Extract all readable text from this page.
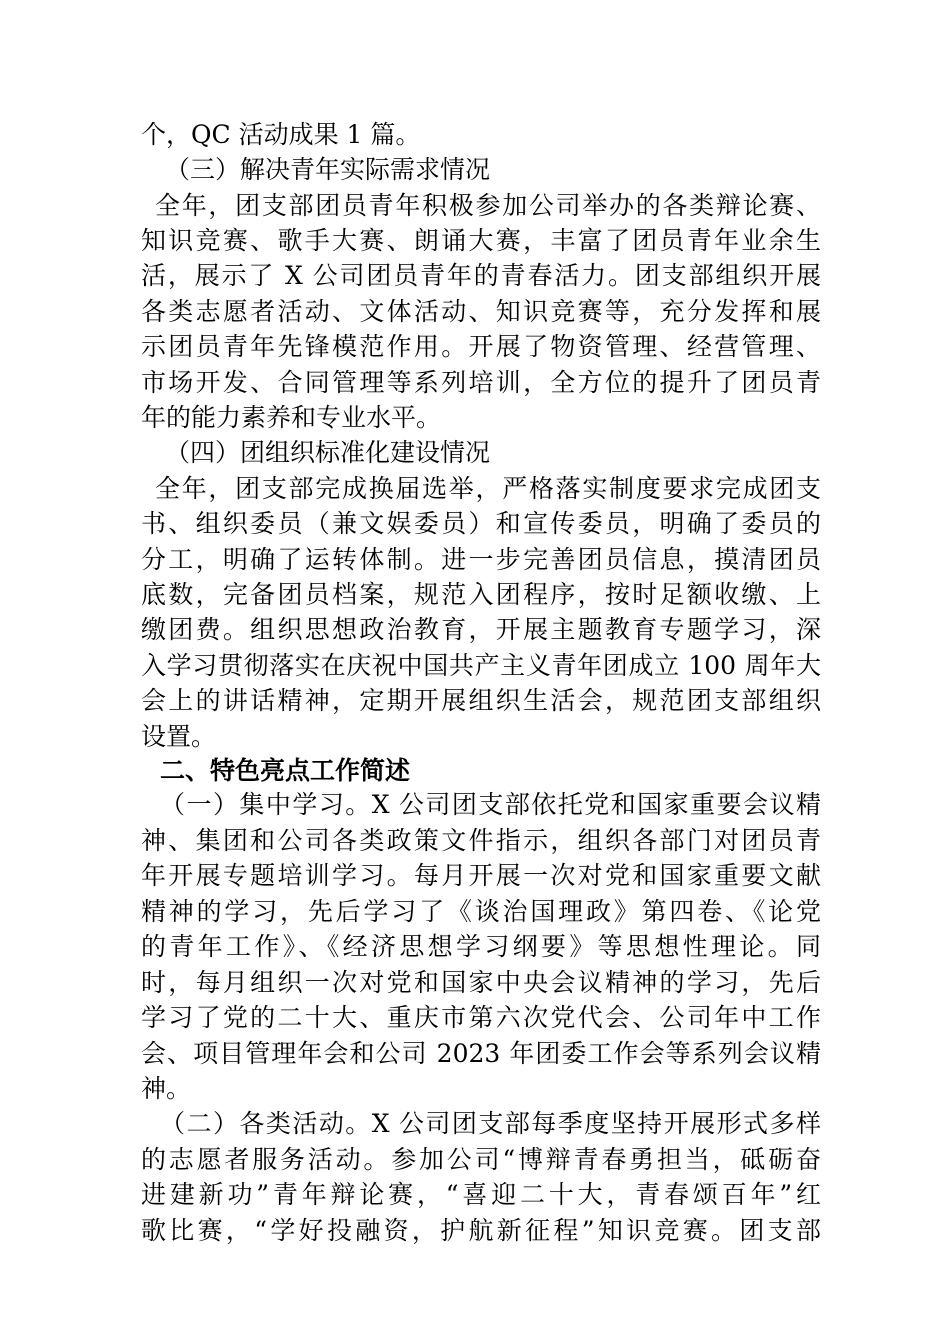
个，QC 活动成果 1 篇。
（三）解决青年实际需求情况
全年，团支部团员青年积极参加公司举办的各类辩论赛、
知识竞赛、歌手大赛、朗诵大赛，丰富了团员青年业余生
活，展示了 X 公司团员青年的青春活力。团支部组织开展
各类志愿者活动、文体活动、知识竞赛等，充分发挥和展
示团员青年先锋模范作用。开展了物资管理、经营管理、
市场开发、合同管理等系列培训，全方位的提升了团员青
年的能力素养和专业水平。
（四）团组织标准化建设情况
全年，团支部完成换届选举，严格落实制度要求完成团支
书、组织委员（兼文娱委员）和宣传委员，明确了委员的
分工，明确了运转体制。进一步完善团员信息，摸清团员
底数，完备团员档案，规范入团程序，按时足额收缴、上
缴团费。组织思想政治教育，开展主题教育专题学习，深
入学习贯彻落实在庆祝中国共产主义青年团成立 100 周年大
会上的讲话精神，定期开展组织生活会，规范团支部组织
设置。
二、特色亮点工作简述
（一）集中学习。X 公司团支部依托党和国家重要会议精
神、集团和公司各类政策文件指示，组织各部门对团员青
年开展专题培训学习。每月开展一次对党和国家重要文献
精神的学习，先后学习了《谈治国理政》第四卷、《论党
的青年工作》、《经济思想学习纲要》等思想性理论。同
时，每月组织一次对党和国家中央会议精神的学习，先后
学习了党的二十大、重庆市第六次党代会、公司年中工作
会、项目管理年会和公司 2023 年团委工作会等系列会议精
神。
（二）各类活动。X 公司团支部每季度坚持开展形式多样
的志愿者服务活动。参加公司“博辩青春勇担当，砥砺奋
进建新功”青年辩论赛，“喜迎二十大，青春颂百年”红
歌比赛，“学好投融资，护航新征程”知识竞赛。团支部
